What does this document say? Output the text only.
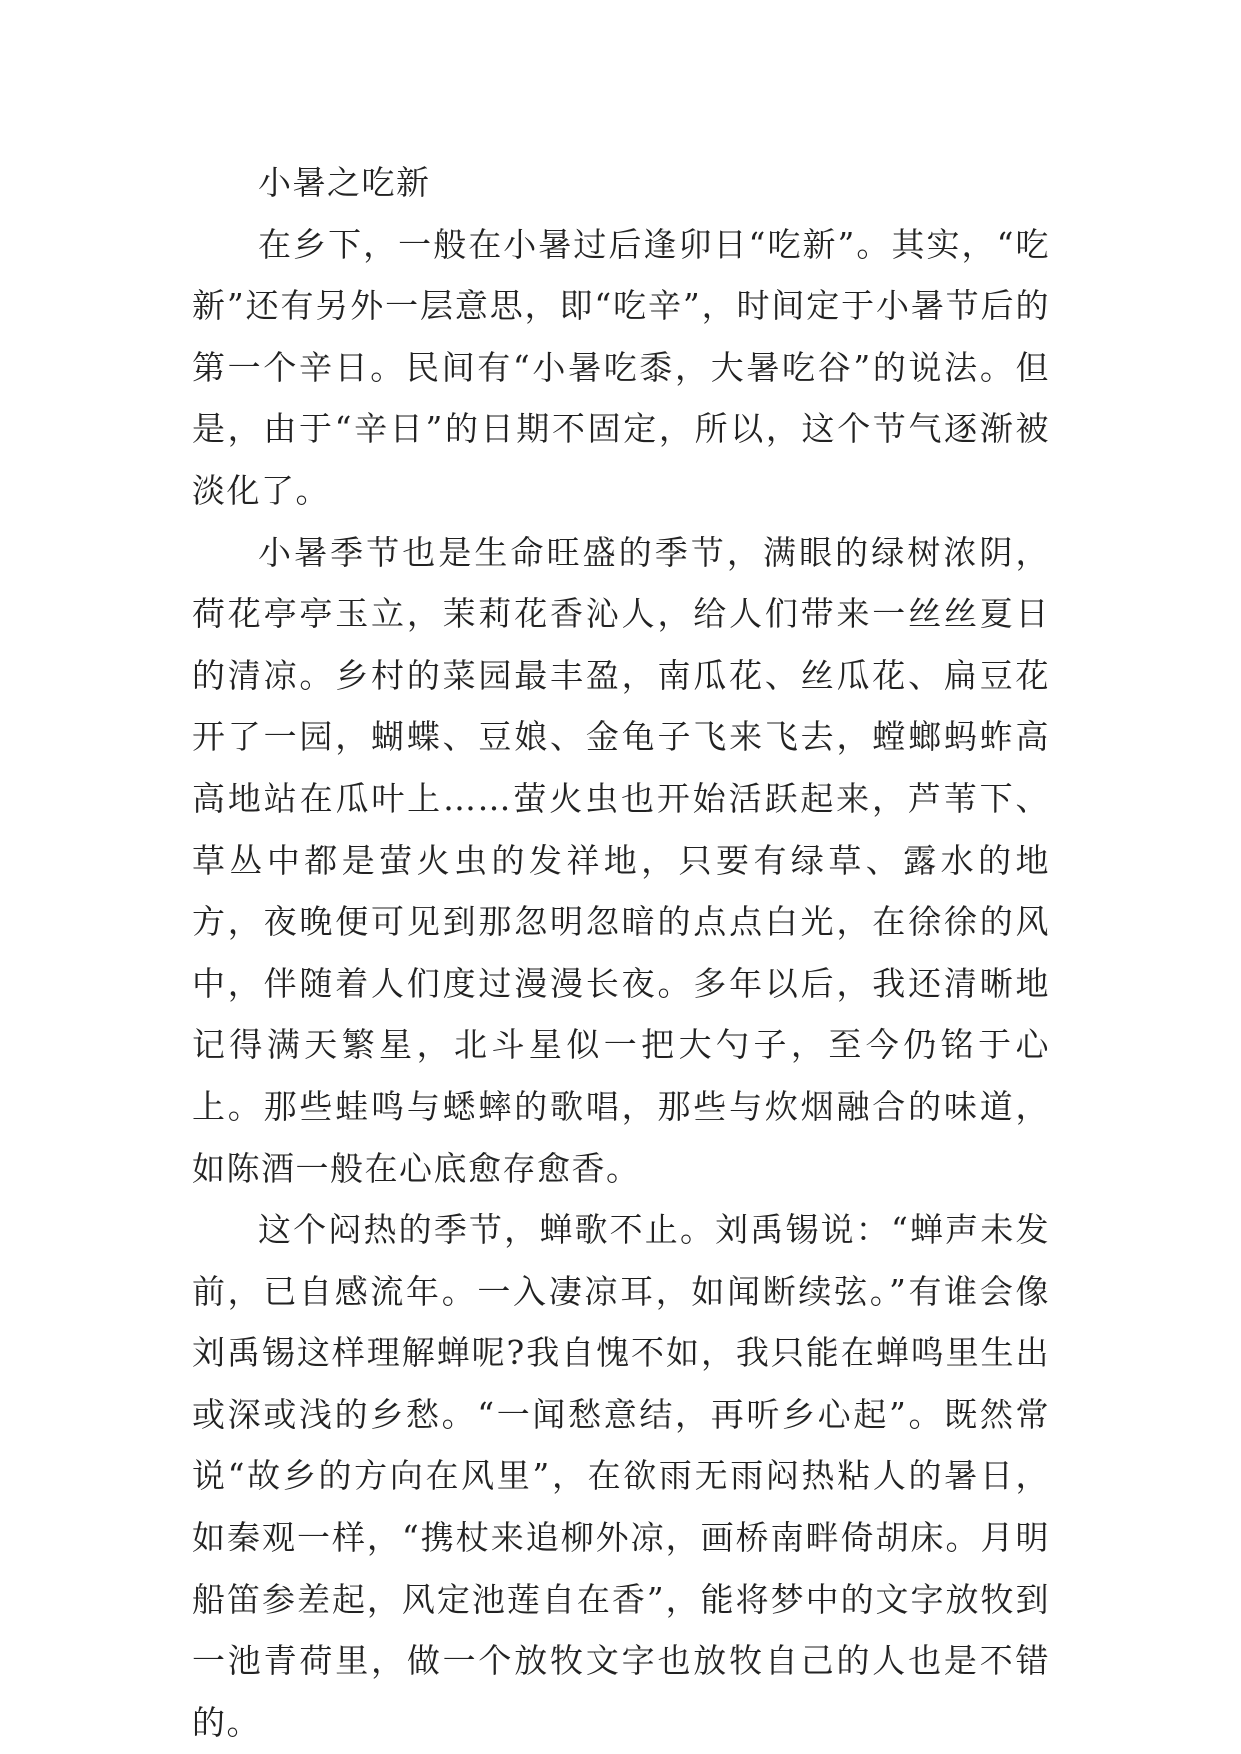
小暑之吃新

在乡下，一般在小暑过后逢卯日“吃新”。其实，“吃新”还有另外一层意思，即“吃辛”，时间定于小暑节后的第一个辛日。民间有“小暑吃黍，大暑吃谷”的说法。但是，由于“辛日”的日期不固定，所以，这个节气逐渐被淡化了。

小暑季节也是生命旺盛的季节，满眼的绿树浓阴，荷花亭亭玉立，茉莉花香沁人，给人们带来一丝丝夏日的清凉。乡村的菜园最丰盈，南瓜花、丝瓜花、扁豆花开了一园，蝴蝶、豆娘、金龟子飞来飞去，螳螂蚂蚱高高地站在瓜叶上……萤火虫也开始活跃起来，芦苇下、草丛中都是萤火虫的发祥地，只要有绿草、露水的地方，夜晚便可见到那忽明忽暗的点点白光，在徐徐的风中，伴随着人们度过漫漫长夜。多年以后，我还清晰地记得满天繁星，北斗星似一把大勺子，至今仍铭于心上。那些蛙鸣与蟋蟀的歌唱，那些与炊烟融合的味道，如陈酒一般在心底愈存愈香。

这个闷热的季节，蝉歌不止。刘禹锡说：“蝉声未发前，已自感流年。一入凄凉耳，如闻断续弦。”有谁会像刘禹锡这样理解蝉呢?我自愧不如，我只能在蝉鸣里生出或深或浅的乡愁。“一闻愁意结，再听乡心起”。既然常说“故乡的方向在风里”，在欲雨无雨闷热粘人的暑日，如秦观一样，“携杖来追柳外凉，画桥南畔倚胡床。月明船笛参差起，风定池莲自在香”，能将梦中的文字放牧到一池青荷里，做一个放牧文字也放牧自己的人也是不错的。
